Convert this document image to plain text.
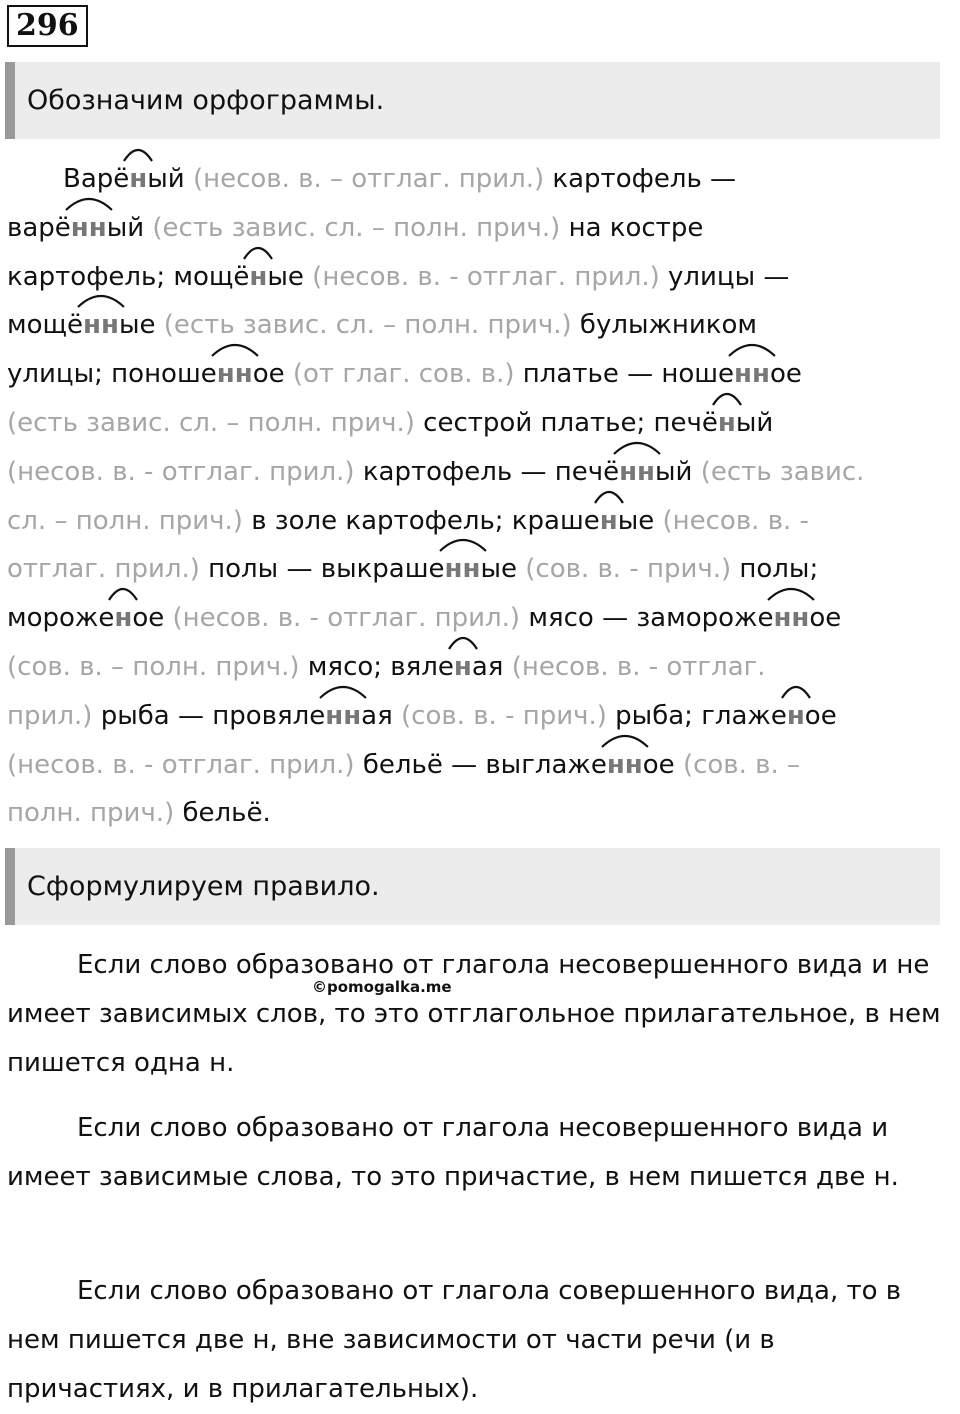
296
Обозначим орфограммы.
Варё
ный (несов. в. – отглаг. прил.) картофель —
варё
нный (есть завис. сл. – полн. прич.) на костре
картофель; мощё
ные (несов. в. - отглаг. прил.) улицы —
мощё
нные (есть завис. сл. – полн. прич.) булыжником
улицы; поноше
нное (от глаг. сов. в.) платье — ноше
нное
(есть завис. сл. – полн. прич.) сестрой платье; печё
ный
(несов. в. - отглаг. прил.) картофель — печё
нный (есть завис.
сл. – полн. прич.) в золе картофель; краше
ные (несов. в. -
отглаг. прил.) полы — выкраше
нные (сов. в. - прич.) полы;
мороже
ное (несов. в. - отглаг. прил.) мясо — замороже
нное
(сов. в. – полн. прич.) мясо; вяле
ная (несов. в. - отглаг.
прил.) рыба — провяле
нная (сов. в. - прич.) рыба; глаже
ное
(несов. в. - отглаг. прил.) бельё — выглаже
нное (сов. в. –
полн. прич.) бельё.
Сформулируем правило.

Если слово образовано от глагола несовершенного вида и не имеет зависимых слов, то это отглагольное прилагательное, в нем пишется одна н.

Если слово образовано от глагола несовершенного вида и имеет зависимые слова, то это причастие, в нем пишется две н.

Если слово образовано от глагола совершенного вида, то в нем пишется две н, вне зависимости от части речи (и в причастиях, и в прилагательных).

©pomogalka.me
